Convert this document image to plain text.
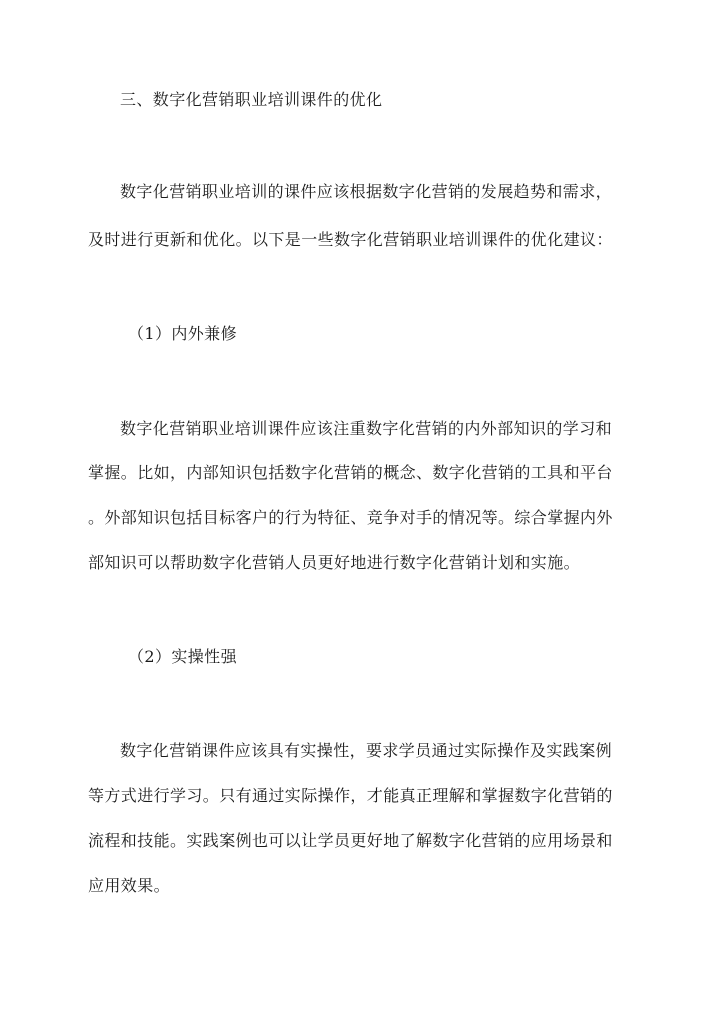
三、数字化营销职业培训课件的优化
数字化营销职业培训的课件应该根据数字化营销的发展趋势和需求，
及时进行更新和优化。以下是一些数字化营销职业培训课件的优化建议：
（1）内外兼修
数字化营销职业培训课件应该注重数字化营销的内外部知识的学习和
掌握。比如，内部知识包括数字化营销的概念、数字化营销的工具和平台
。外部知识包括目标客户的行为特征、竞争对手的情况等。综合掌握内外
部知识可以帮助数字化营销人员更好地进行数字化营销计划和实施。
（2）实操性强
数字化营销课件应该具有实操性，要求学员通过实际操作及实践案例
等方式进行学习。只有通过实际操作，才能真正理解和掌握数字化营销的
流程和技能。实践案例也可以让学员更好地了解数字化营销的应用场景和
应用效果。
